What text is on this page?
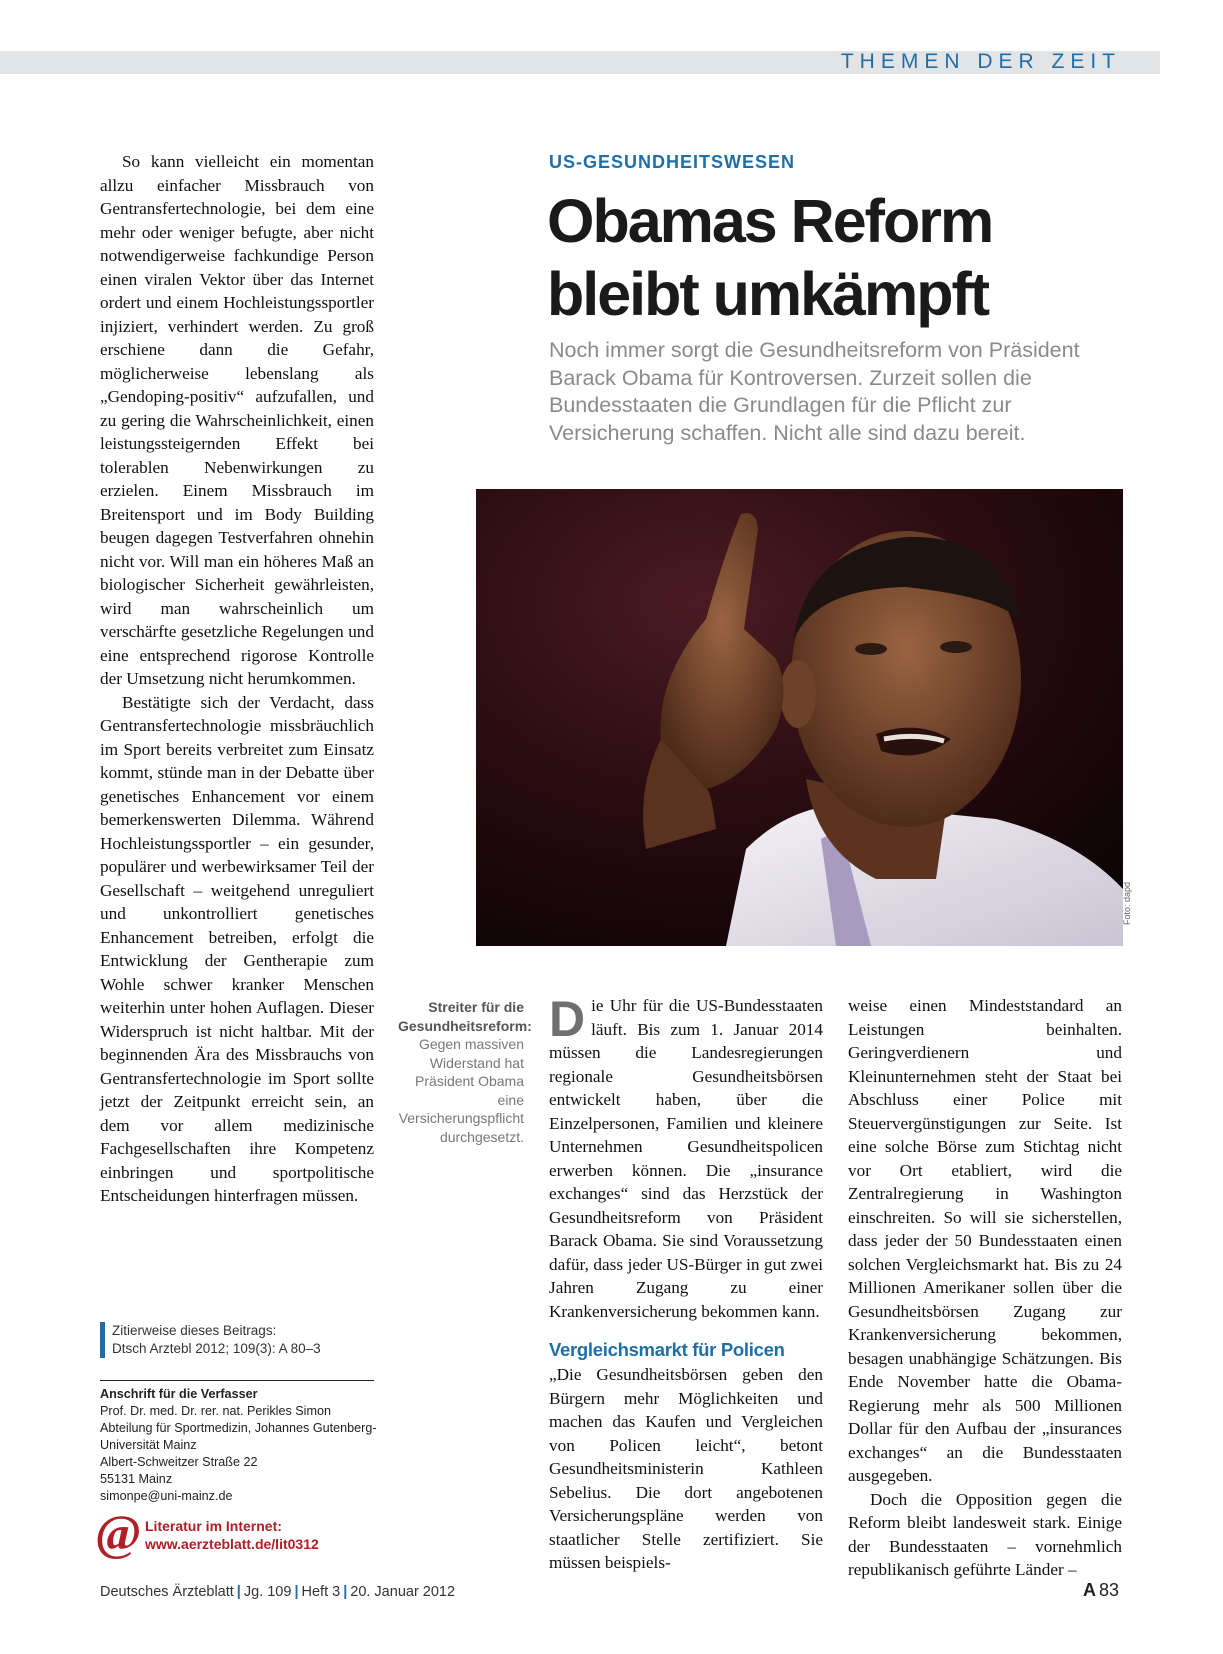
THEMEN DER ZEIT

So kann vielleicht ein momentan allzu einfacher Missbrauch von Gentransfertechnologie, bei dem eine mehr oder weniger befugte, aber nicht notwendigerweise fachkundige Person einen viralen Vektor über das Internet ordert und einem Hochleistungssportler injiziert, verhindert werden. Zu groß erschiene dann die Gefahr, möglicherweise lebenslang als „Gendoping-positiv“ aufzufallen, und zu gering die Wahrscheinlichkeit, einen leistungssteigernden Effekt bei tolerablen Nebenwirkungen zu erzielen. Einem Missbrauch im Breitensport und im Body Building beugen dagegen Testverfahren ohnehin nicht vor. Will man ein höheres Maß an biologischer Sicherheit gewährleisten, wird man wahrscheinlich um verschärfte gesetzliche Regelungen und eine entsprechend rigorose Kontrolle der Umsetzung nicht herumkommen.

Bestätigte sich der Verdacht, dass Gentransfertechnologie missbräuchlich im Sport bereits verbreitet zum Einsatz kommt, stünde man in der Debatte über genetisches Enhancement vor einem bemerkenswerten Dilemma. Während Hochleistungssportler – ein gesunder, populärer und werbewirksamer Teil der Gesellschaft – weitgehend unreguliert und unkontrolliert genetisches Enhancement betreiben, erfolgt die Entwicklung der Gentherapie zum Wohle schwer kranker Menschen weiterhin unter hohen Auflagen. Dieser Widerspruch ist nicht haltbar. Mit der beginnenden Ära des Missbrauchs von Gentransfertechnologie im Sport sollte jetzt der Zeitpunkt erreicht sein, an dem vor allem medizinische Fachgesellschaften ihre Kompetenz einbringen und sportpolitische Entscheidungen hinterfragen müssen.

Zitierweise dieses Beitrags:
Dtsch Arztebl 2012; 109(3): A 80–3
Anschrift für die Verfasser
Prof. Dr. med. Dr. rer. nat. Perikles Simon
Abteilung für Sportmedizin, Johannes Gutenberg-
Universität Mainz
Albert-Schweitzer Straße 22
55131 Mainz
simonpe@uni-mainz.de
@ Literatur im Internet:
www.aerzteblatt.de/lit0312
US-GESUNDHEITSWESEN
Obamas Reform bleibt umkämpft

Noch immer sorgt die Gesundheitsreform von Präsident Barack Obama für Kontroversen. Zurzeit sollen die Bundesstaaten die Grundlagen für die Pflicht zur Versicherung schaffen. Nicht alle sind dazu bereit.

Foto: dapd
Streiter für die Gesundheitsreform: Gegen massiven Widerstand hat Präsident Obama eine Versicherungspflicht durchgesetzt.

Die Uhr für die US-Bundesstaaten läuft. Bis zum 1. Januar 2014 müssen die Landesregierungen regionale Gesundheitsbörsen entwickelt haben, über die Einzelpersonen, Familien und kleinere Unternehmen Gesundheitspolicen erwerben können. Die „insurance exchanges“ sind das Herzstück der Gesundheitsreform von Präsident Barack Obama. Sie sind Voraussetzung dafür, dass jeder US-Bürger in gut zwei Jahren Zugang zu einer Krankenversicherung bekommen kann.

Vergleichsmarkt für Policen

„Die Gesundheitsbörsen geben den Bürgern mehr Möglichkeiten und machen das Kaufen und Vergleichen von Policen leicht“, betont Gesundheitsministerin Kathleen Sebelius. Die dort angebotenen Versicherungspläne werden von staatlicher Stelle zertifiziert. Sie müssen beispiels-

weise einen Mindeststandard an Leistungen beinhalten. Geringverdienern und Kleinunternehmen steht der Staat bei Abschluss einer Police mit Steuervergünstigungen zur Seite. Ist eine solche Börse zum Stichtag nicht vor Ort etabliert, wird die Zentralregierung in Washington einschreiten. So will sie sicherstellen, dass jeder der 50 Bundesstaaten einen solchen Vergleichsmarkt hat. Bis zu 24 Millionen Amerikaner sollen über die Gesundheitsbörsen Zugang zur Krankenversicherung bekommen, besagen unabhängige Schätzungen. Bis Ende November hatte die Obama-Regierung mehr als 500 Millionen Dollar für den Aufbau der „insurances exchanges“ an die Bundesstaaten ausgegeben.

Doch die Opposition gegen die Reform bleibt landesweit stark. Einige der Bundesstaaten – vornehmlich republikanisch geführte Länder –

Deutsches Ärzteblatt | Jg. 109 | Heft 3 | 20. Januar 2012	A 83
